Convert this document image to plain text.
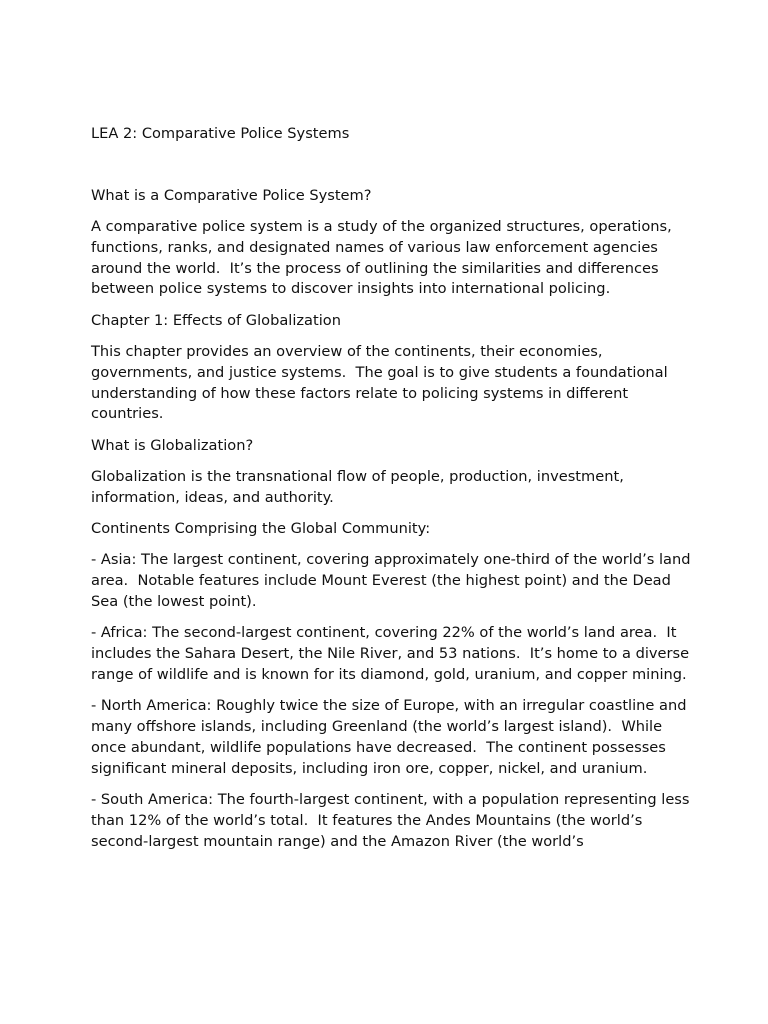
LEA 2: Comparative Police Systems

What is a Comparative Police System?

A comparative police system is a study of the organized structures, operations, functions, ranks, and designated names of various law enforcement agencies around the world.  It’s the process of outlining the similarities and differences between police systems to discover insights into international policing.

Chapter 1: Effects of Globalization

This chapter provides an overview of the continents, their economies, governments, and justice systems.  The goal is to give students a foundational understanding of how these factors relate to policing systems in different countries.

What is Globalization?

Globalization is the transnational flow of people, production, investment, information, ideas, and authority.

Continents Comprising the Global Community:

- Asia: The largest continent, covering approximately one-third of the world’s land area.  Notable features include Mount Everest (the highest point) and the Dead Sea (the lowest point).

- Africa: The second-largest continent, covering 22% of the world’s land area.  It includes the Sahara Desert, the Nile River, and 53 nations.  It’s home to a diverse range of wildlife and is known for its diamond, gold, uranium, and copper mining.

- North America: Roughly twice the size of Europe, with an irregular coastline and many offshore islands, including Greenland (the world’s largest island).  While once abundant, wildlife populations have decreased.  The continent possesses significant mineral deposits, including iron ore, copper, nickel, and uranium.

- South America: The fourth-largest continent, with a population representing less than 12% of the world’s total.  It features the Andes Mountains (the world’s second-largest mountain range) and the Amazon River (the world’s
